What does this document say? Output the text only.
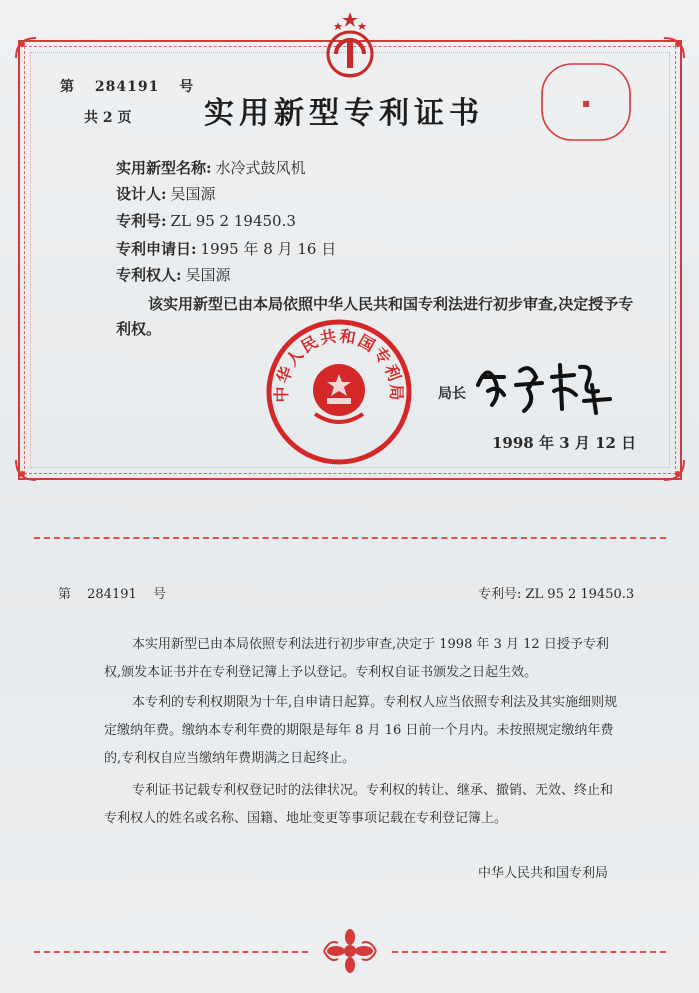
第 284191 号
共 2 页 实用新型专利证书	■
实用新型名称: 水冷式鼓风机
设计人: 吴国源
专利号: ZL 95 2 19450.3
专利申请日: 1995 年 8 月 16 日
专利权人: 吴国源
该实用新型已由本局依照中华人民共和国专利法进行初步审查,决定授予专利权。
中华人民共和国专利局 局长
1998 年 3 月 12 日
第 284191 号	专利号: ZL 95 2 19450.3
本实用新型已由本局依照专利法进行初步审查,决定于 1998 年 3 月 12 日授予专利权,颁发本证书并在专利登记簿上予以登记。专利权自证书颁发之日起生效。
本专利的专利权期限为十年,自申请日起算。专利权人应当依照专利法及其实施细则规定缴纳年费。缴纳本专利年费的期限是每年 8 月 16 日前一个月内。未按照规定缴纳年费的,专利权自应当缴纳年费期满之日起终止。
专利证书记载专利权登记时的法律状况。专利权的转让、继承、撤销、无效、终止和专利权人的姓名或名称、国籍、地址变更等事项记载在专利登记簿上。
中华人民共和国专利局
